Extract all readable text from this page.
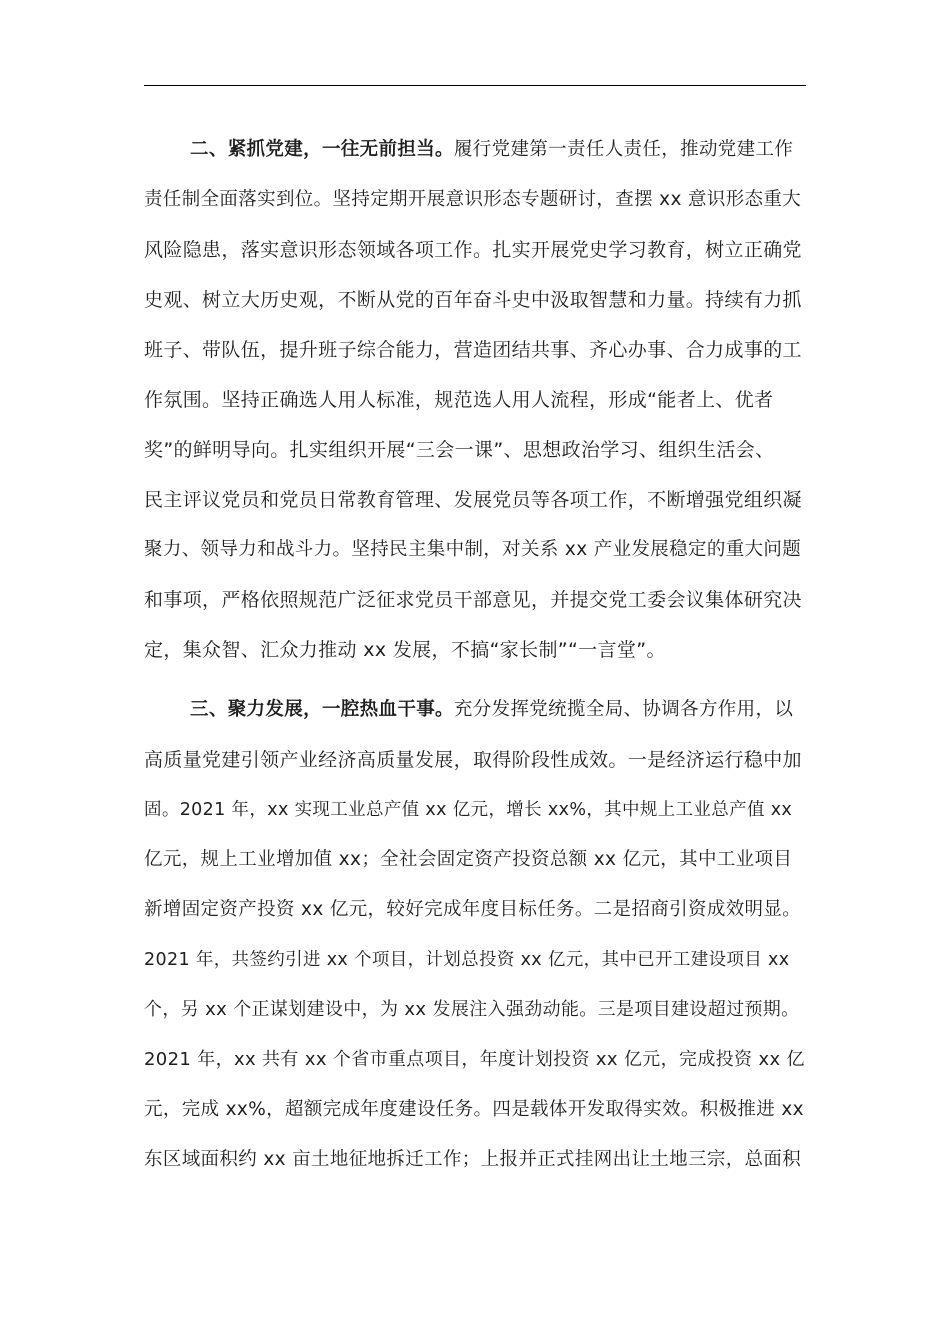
二、紧抓党建，一往无前担当。履行党建第一责任人责任，推动党建工作
责任制全面落实到位。坚持定期开展意识形态专题研讨，查摆 xx 意识形态重大
风险隐患，落实意识形态领域各项工作。扎实开展党史学习教育，树立正确党
史观、树立大历史观，不断从党的百年奋斗史中汲取智慧和力量。持续有力抓
班子、带队伍，提升班子综合能力，营造团结共事、齐心办事、合力成事的工
作氛围。坚持正确选人用人标准，规范选人用人流程，形成“能者上、优者
奖”的鲜明导向。扎实组织开展“三会一课”、思想政治学习、组织生活会、
民主评议党员和党员日常教育管理、发展党员等各项工作，不断增强党组织凝
聚力、领导力和战斗力。坚持民主集中制，对关系 xx 产业发展稳定的重大问题
和事项，严格依照规范广泛征求党员干部意见，并提交党工委会议集体研究决
定，集众智、汇众力推动 xx 发展，不搞“家长制”“一言堂”。
三、聚力发展，一腔热血干事。充分发挥党统揽全局、协调各方作用，以
高质量党建引领产业经济高质量发展，取得阶段性成效。一是经济运行稳中加
固。2021 年，xx 实现工业总产值 xx 亿元，增长 xx%，其中规上工业总产值 xx
亿元，规上工业增加值 xx；全社会固定资产投资总额 xx 亿元，其中工业项目
新增固定资产投资 xx 亿元，较好完成年度目标任务。二是招商引资成效明显。
2021 年，共签约引进 xx 个项目，计划总投资 xx 亿元，其中已开工建设项目 xx
个，另 xx 个正谋划建设中，为 xx 发展注入强劲动能。三是项目建设超过预期。
2021 年，xx 共有 xx 个省市重点项目，年度计划投资 xx 亿元，完成投资 xx 亿
元，完成 xx%，超额完成年度建设任务。四是载体开发取得实效。积极推进 xx
东区域面积约 xx 亩土地征地拆迁工作；上报并正式挂网出让土地三宗，总面积
